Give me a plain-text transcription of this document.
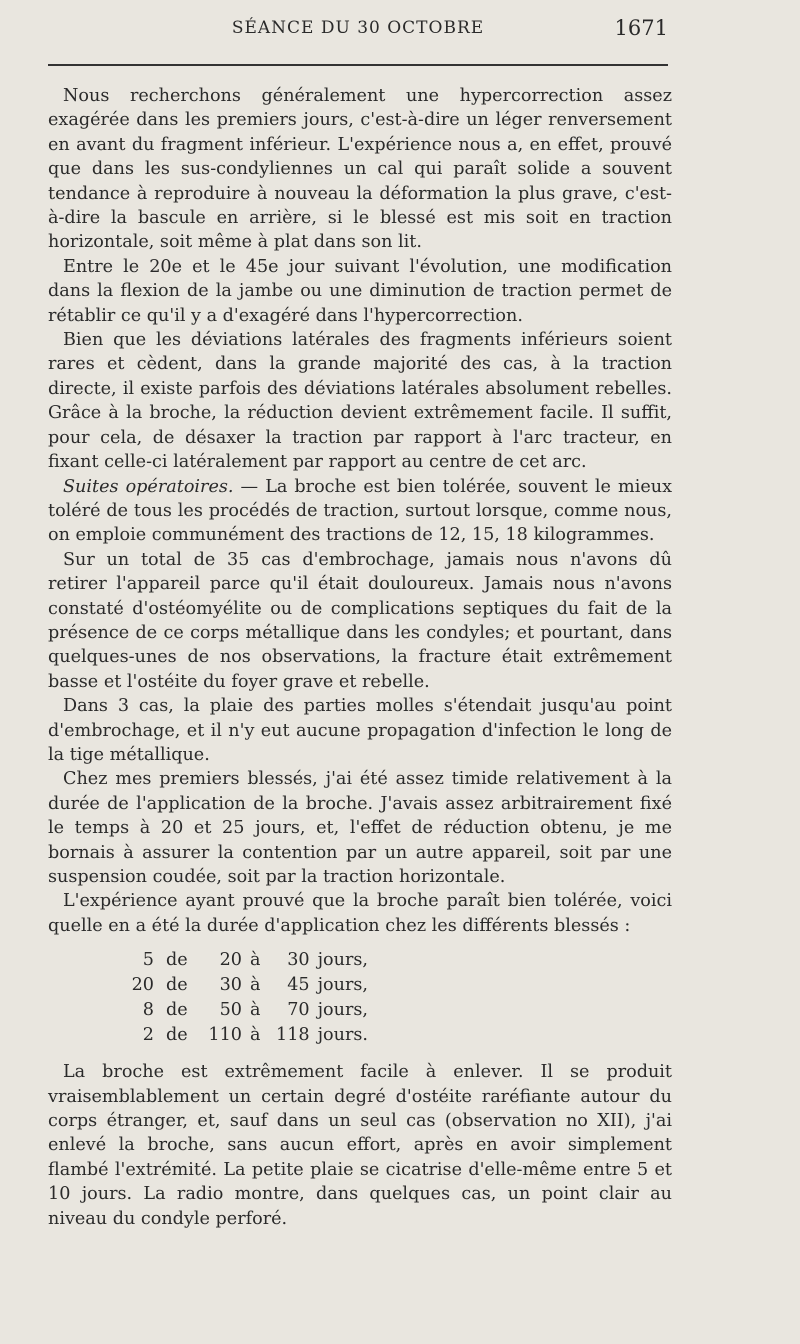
SÉANCE DU 30 OCTOBRE	1671

Nous recherchons généralement une hypercorrection assez exagérée dans les premiers jours, c'est-à-dire un léger renversement en avant du fragment inférieur. L'expérience nous a, en effet, prouvé que dans les sus-condyliennes un cal qui paraît solide a souvent tendance à reproduire à nouveau la déformation la plus grave, c'est-à-dire la bascule en arrière, si le blessé est mis soit en traction horizontale, soit même à plat dans son lit.

Entre le 20e et le 45e jour suivant l'évolution, une modification dans la flexion de la jambe ou une diminution de traction permet de rétablir ce qu'il y a d'exagéré dans l'hypercorrection.

Bien que les déviations latérales des fragments inférieurs soient rares et cèdent, dans la grande majorité des cas, à la traction directe, il existe parfois des déviations latérales absolument rebelles. Grâce à la broche, la réduction devient extrêmement facile. Il suffit, pour cela, de désaxer la traction par rapport à l'arc tracteur, en fixant celle-ci latéralement par rapport au centre de cet arc.

Suites opératoires. — La broche est bien tolérée, souvent le mieux toléré de tous les procédés de traction, surtout lorsque, comme nous, on emploie communément des tractions de 12, 15, 18 kilogrammes.

Sur un total de 35 cas d'embrochage, jamais nous n'avons dû retirer l'appareil parce qu'il était douloureux. Jamais nous n'avons constaté d'ostéomyélite ou de complications septiques du fait de la présence de ce corps métallique dans les condyles; et pourtant, dans quelques-unes de nos observations, la fracture était extrêmement basse et l'ostéite du foyer grave et rebelle.

Dans 3 cas, la plaie des parties molles s'étendait jusqu'au point d'embrochage, et il n'y eut aucune propagation d'infection le long de la tige métallique.

Chez mes premiers blessés, j'ai été assez timide relativement à la durée de l'application de la broche. J'avais assez arbitrairement fixé le temps à 20 et 25 jours, et, l'effet de réduction obtenu, je me bornais à assurer la contention par un autre appareil, soit par une suspension coudée, soit par la traction horizontale.

L'expérience ayant prouvé que la broche paraît bien tolérée, voici quelle en a été la durée d'application chez les différents blessés :

5	de	20	à	30	jours,
20	de	30	à	45	jours,
8	de	50	à	70	jours,
2	de	110	à	118	jours.

La broche est extrêmement facile à enlever. Il se produit vraisemblablement un certain degré d'ostéite raréfiante autour du corps étranger, et, sauf dans un seul cas (observation no XII), j'ai enlevé la broche, sans aucun effort, après en avoir simplement flambé l'extrémité. La petite plaie se cicatrise d'elle-même entre 5 et 10 jours. La radio montre, dans quelques cas, un point clair au niveau du condyle perforé.
